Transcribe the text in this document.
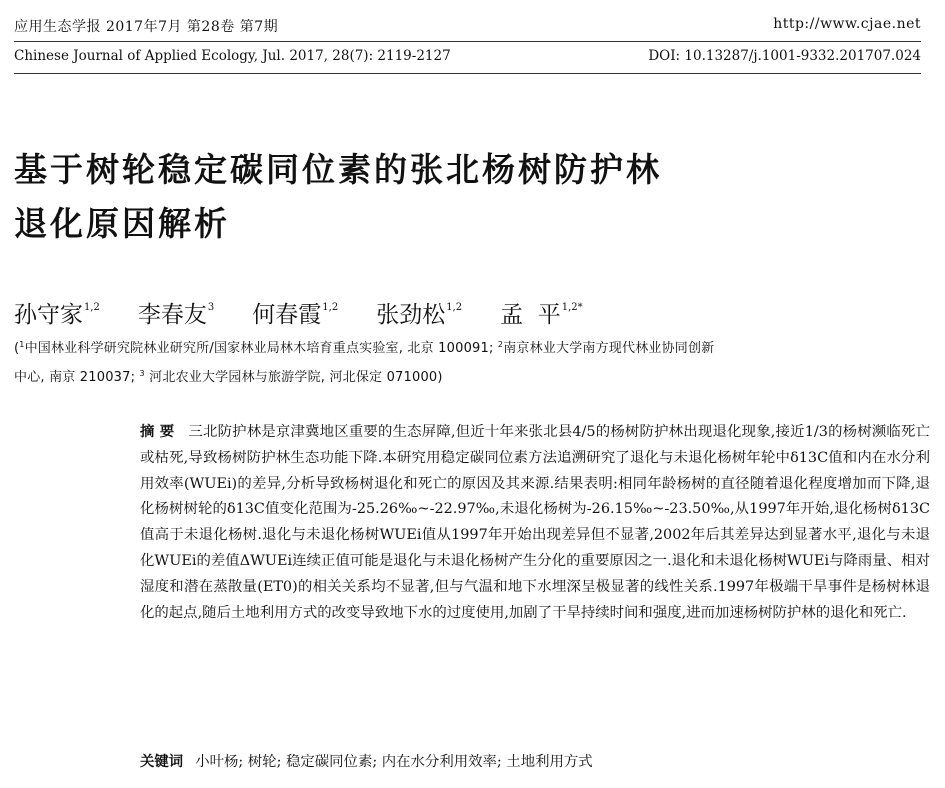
应用生态学报 2017年7月 第28卷 第7期	http://www.cjae.net
Chinese Journal of Applied Ecology, Jul. 2017, 28(7): 2119-2127	DOI: 10.13287/j.1001-9332.201707.024
基于树轮稳定碳同位素的张北杨树防护林
退化原因解析
孙守家$^{1,2}$ 李春友$^3$ 何春霞$^{1,2}$ 张劲松$^{1,2}$ 孟  平$^{1,2*}$
($^1$中国林业科学研究院林业研究所/国家林业局林木培育重点实验室, 北京 100091; $^2$南京林业大学南方现代林业协同创新
中心, 南京 210037; $^3$ 河北农业大学园林与旅游学院, 河北保定 071000)
摘 要 三北防护林是京津冀地区重要的生态屏障,但近十年来张北县4/5的杨树防护林出现退化现象,接近1/3的杨树濒临死亡或枯死,导致杨树防护林生态功能下降.本研究用稳定碳同位素方法追溯研究了退化与未退化杨树年轮中δ13C值和内在水分利用效率(WUEi)的差异,分析导致杨树退化和死亡的原因及其来源.结果表明:相同年龄杨树的直径随着退化程度增加而下降,退化杨树树轮的δ13C值变化范围为-25.26‰~-22.97‰,未退化杨树为-26.15‰~-23.50‰,从1997年开始,退化杨树δ13C值高于未退化杨树.退化与未退化杨树WUEi值从1997年开始出现差异但不显著,2002年后其差异达到显著水平,退化与未退化WUEi的差值ΔWUEi连续正值可能是退化与未退化杨树产生分化的重要原因之一.退化和未退化杨树WUEi与降雨量、相对湿度和潜在蒸散量(ET0)的相关关系均不显著,但与气温和地下水埋深呈极显著的线性关系.1997年极端干旱事件是杨树林退化的起点,随后土地利用方式的改变导致地下水的过度使用,加剧了干旱持续时间和强度,进而加速杨树防护林的退化和死亡.
关键词 小叶杨; 树轮; 稳定碳同位素; 内在水分利用效率; 土地利用方式
